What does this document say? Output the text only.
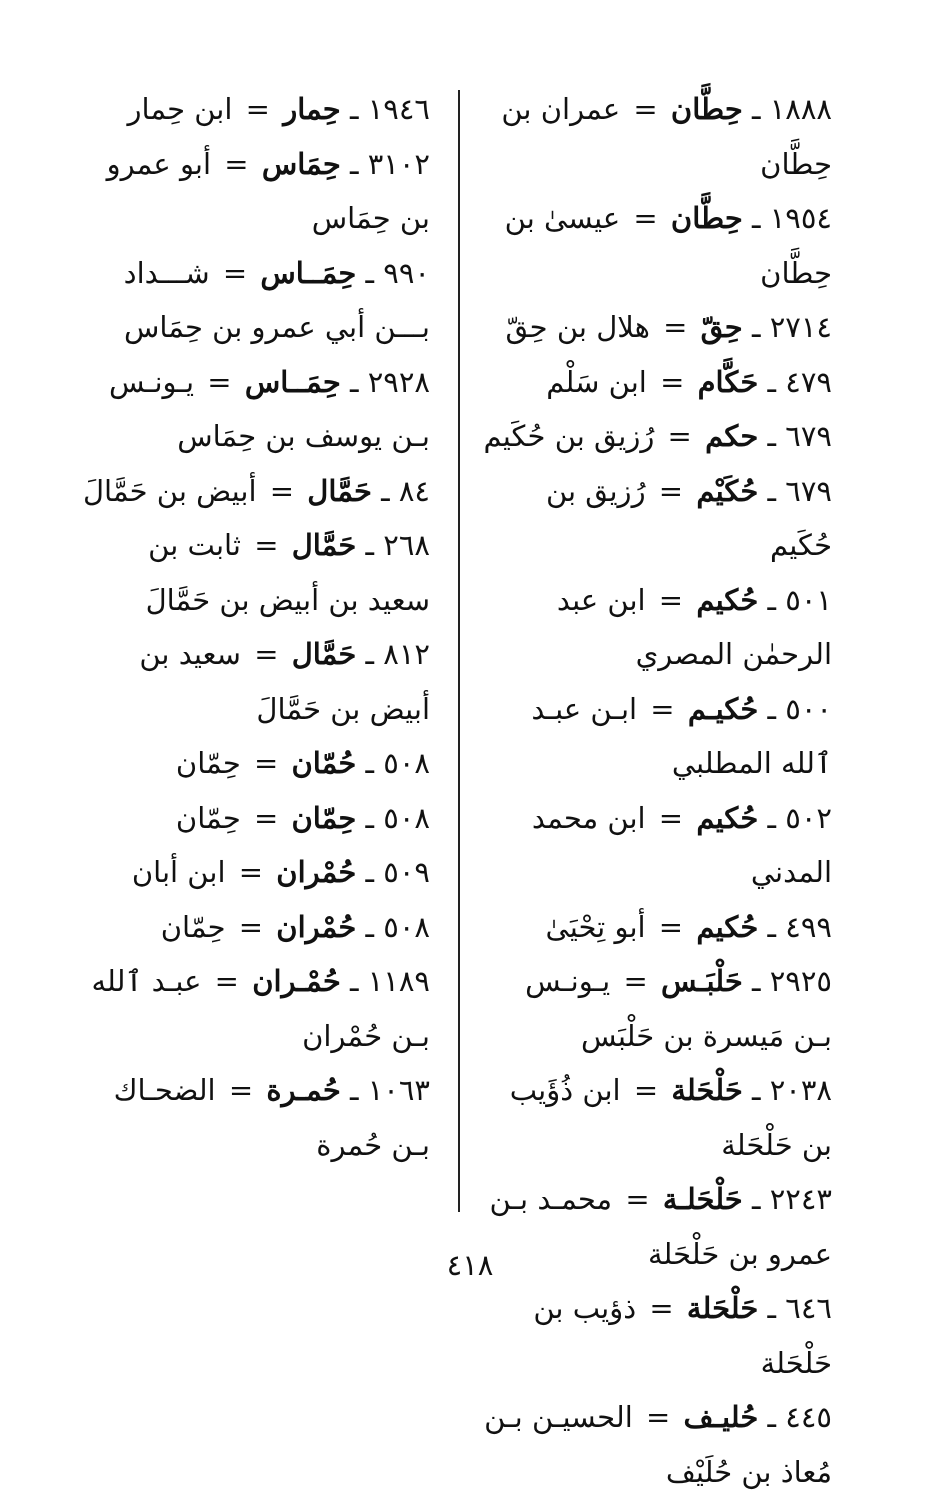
١٨٨٨ ـ حِطَّان = عمران بن حِطَّان

١٩٥٤ ـ حِطَّان = عيسىٰ بن حِطَّان

٢٧١٤ ـ حِقّ = هلال بن حِقّ

٤٧٩ ـ حَكَّام = ابن سَلْم

٦٧٩ ـ حكم = رُزيق بن حُكَيم

٦٧٩ ـ حُكَيْم = رُزيق بن حُكَيم

٥٠١ ـ حُكيم = ابن عبد الرحمٰن المصري

٥٠٠ ـ حُكيـم = ابـن عبـد ٱلله المطلبي

٥٠٢ ـ حُكيم = ابن محمد المدني

٤٩٩ ـ حُكيم = أبو تِحْيَىٰ

٢٩٢٥ ـ حَلْبَـس = يـونـس بـن مَيسرة بن حَلْبَس

٢٠٣٨ ـ حَلْحَلة = ابن ذُؤَيب بن حَلْحَلة

٢٢٤٣ ـ حَلْحَلـة = محمـد بـن عمرو بن حَلْحَلة

٦٤٦ ـ حَلْحَلة = ذؤيب بن حَلْحَلة

٤٤٥ ـ حُليـف = الحسيـن بـن مُعاذ بن حُلَيْف

١٩٤٦ ـ حِمار = ابن حِمار

٣١٠٢ ـ حِمَاس = أبو عمرو بن حِمَاس

٩٩٠ ـ حِمَــاس = شـــداد بـــن أبي عمرو بن حِمَاس

٢٩٢٨ ـ حِمَــاس = يـونـس بـن يوسف بن حِمَاس

٨٤ ـ حَمَّال = أبيض بن حَمَّالَ

٢٦٨ ـ حَمَّال = ثابت بن سعيد بن أبيض بن حَمَّالَ

٨١٢ ـ حَمَّال = سعيد بن أبيض بن حَمَّالَ

٥٠٨ ـ حُمّان = حِمّان

٥٠٨ ـ حِمّان = حِمّان

٥٠٩ ـ حُمْران = ابن أبان

٥٠٨ ـ حُمْران = حِمّان

١١٨٩ ـ حُمْـران = عبـد ٱلله بـن حُمْران

١٠٦٣ ـ حُمـرة = الضحـاك بـن حُمرة

٤١٨
